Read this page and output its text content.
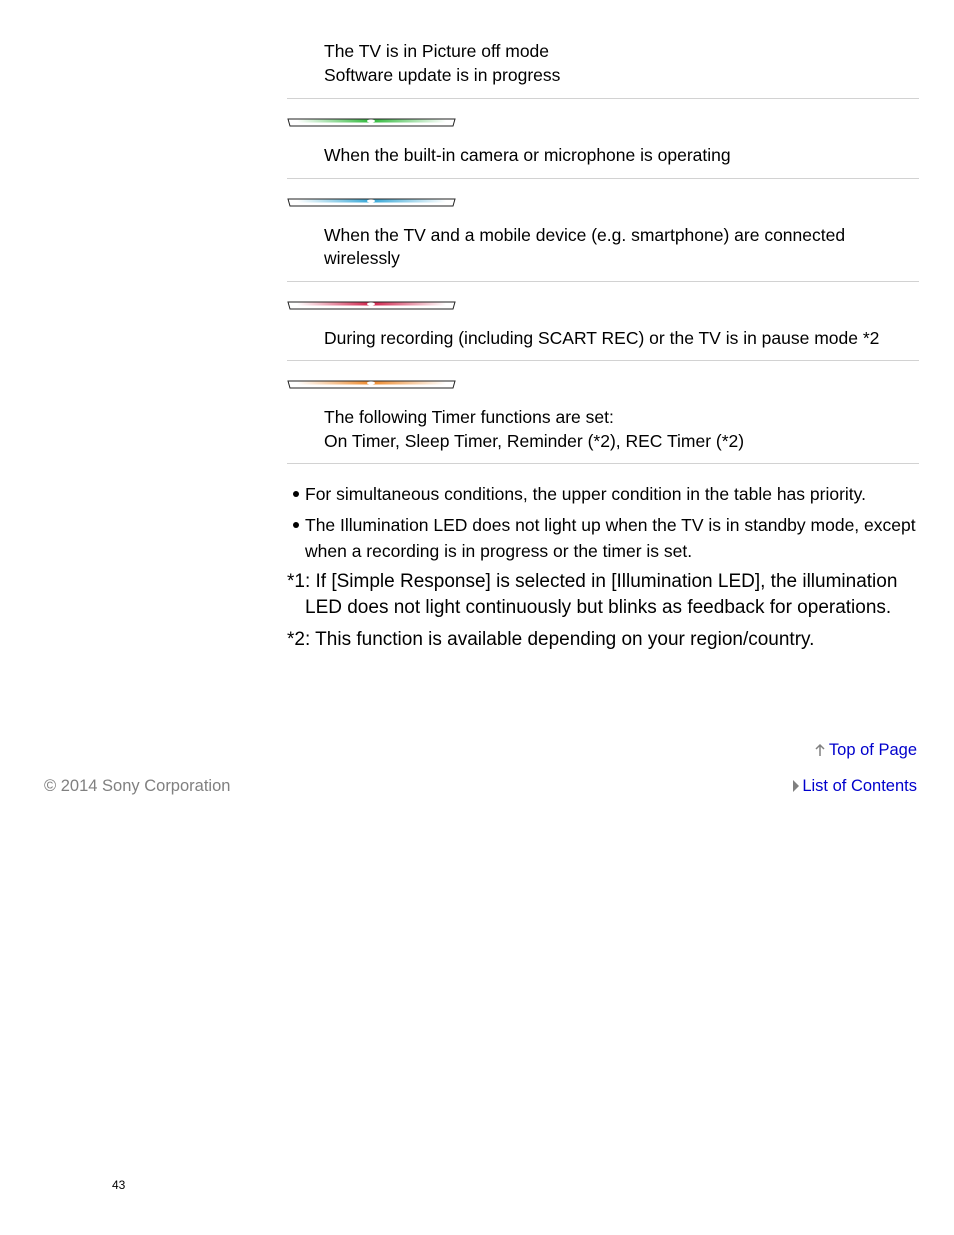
The TV is in Picture off mode
Software update is in progress
When the built-in camera or microphone is operating
When the TV and a mobile device (e.g. smartphone) are connected wirelessly
During recording (including SCART REC) or the TV is in pause mode *2
The following Timer functions are set:
On Timer, Sleep Timer, Reminder (*2), REC Timer (*2)
For simultaneous conditions, the upper condition in the table has priority.
The Illumination LED does not light up when the TV is in standby mode, except when a recording is in progress or the timer is set.
*1: If [Simple Response] is selected in [Illumination LED], the illumination LED does not light continuously but blinks as feedback for operations.
*2: This function is available depending on your region/country.
Top of Page
© 2014 Sony Corporation	List of Contents
43
